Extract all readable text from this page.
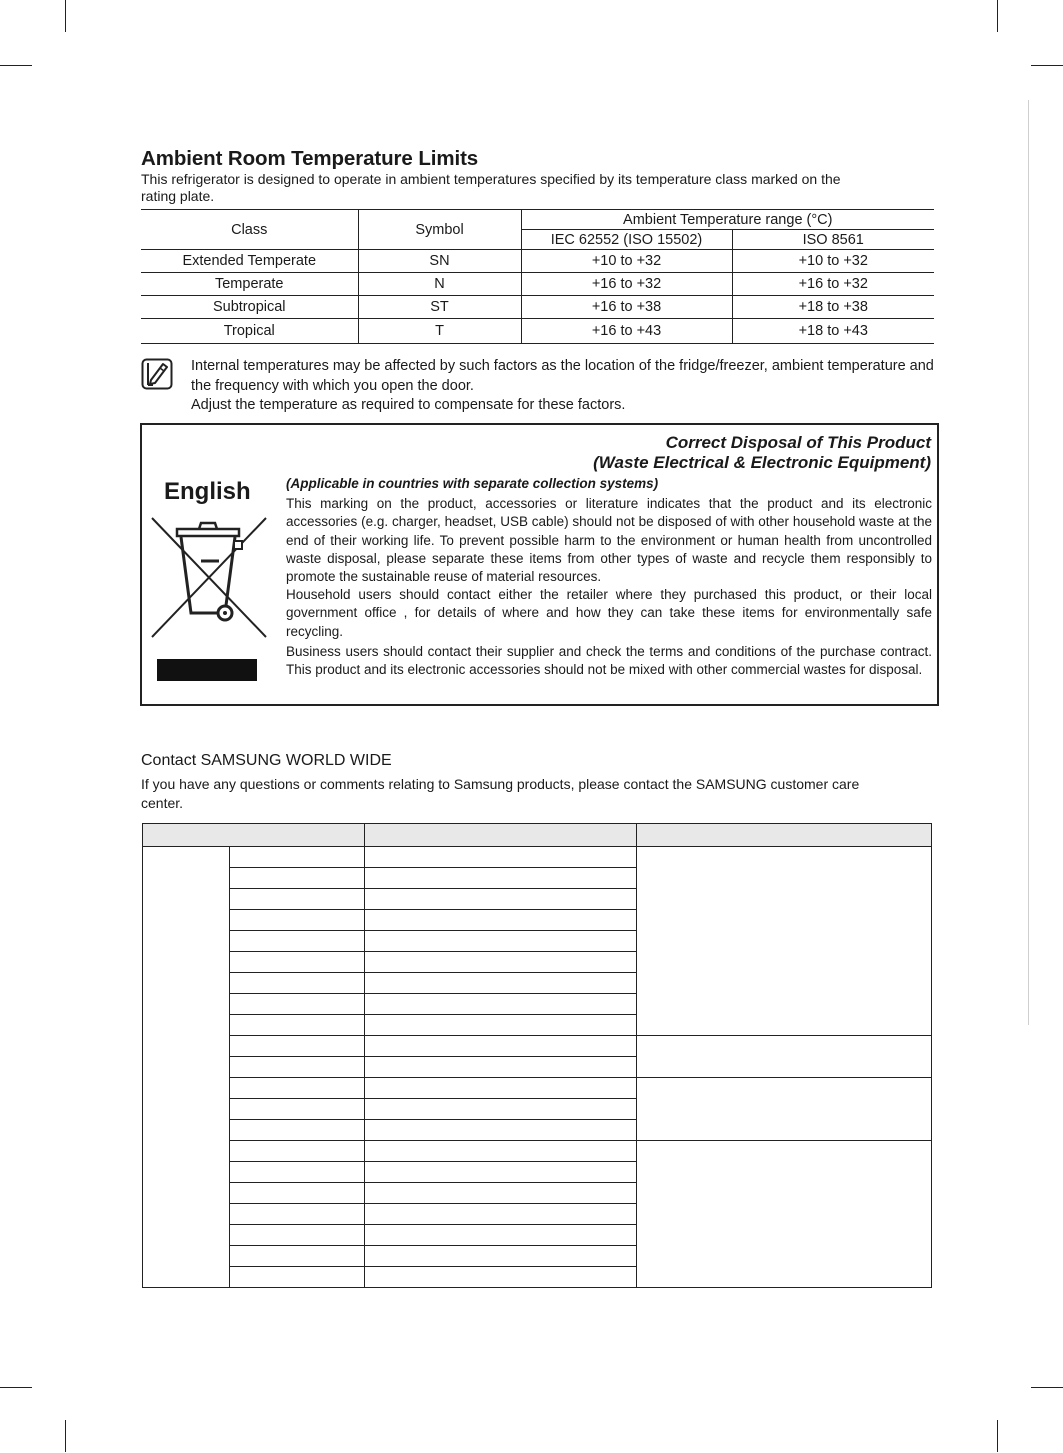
Ambient Room Temperature Limits

This refrigerator is designed to operate in ambient temperatures specified by its temperature class marked on the rating plate.

Class	Symbol	Ambient Temperature range (°C)	
		IEC 62552 (ISO 15502)	ISO 8561
Extended Temperate	SN	+10 to +32	+10 to +32
Temperate	N	+16 to +32	+16 to +32
Subtropical	ST	+16 to +38	+18 to +38
Tropical	T	+16 to +43	+18 to +43
Internal temperatures may be affected by such factors as the location of the fridge/freezer, ambient temperature and the frequency with which you open the door.
Adjust the temperature as required to compensate for these factors.

English

Correct Disposal of This Product
(Waste Electrical & Electronic Equipment)

(Applicable in countries with separate collection systems)

This marking on the product, accessories or literature indicates that the product and its electronic accessories (e.g. charger, headset, USB cable) should not be disposed of with other household waste at the end of their working life. To prevent possible harm to the environment or human health from uncontrolled waste disposal, please separate these items from other types of waste and recycle them responsibly to promote the sustainable reuse of material resources.

Household users should contact either the retailer where they purchased this product, or their local government office , for details of where and how they can take these items for environmentally safe recycling.

Business users should contact their supplier and check the terms and conditions of the purchase contract. This product and its electronic accessories should not be mixed with other commercial wastes for disposal.

Contact SAMSUNG WORLD WIDE

If you have any questions or comments relating to Samsung products, please contact the SAMSUNG customer care center.
